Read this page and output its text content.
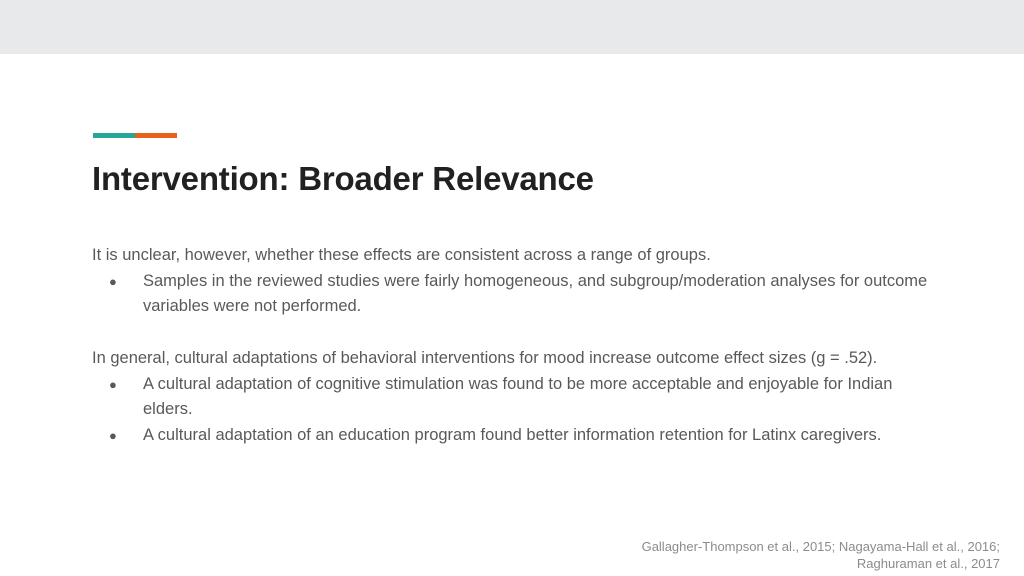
Intervention: Broader Relevance

It is unclear, however, whether these effects are consistent across a range of groups.

● Samples in the reviewed studies were fairly homogeneous, and subgroup/moderation analyses for outcome variables were not performed.

In general, cultural adaptations of behavioral interventions for mood increase outcome effect sizes (g = .52).

● A cultural adaptation of cognitive stimulation was found to be more acceptable and enjoyable for Indian elders.
● A cultural adaptation of an education program found better information retention for Latinx caregivers.
Gallagher-Thompson et al., 2015; Nagayama-Hall et al., 2016; Raghuraman et al., 2017
